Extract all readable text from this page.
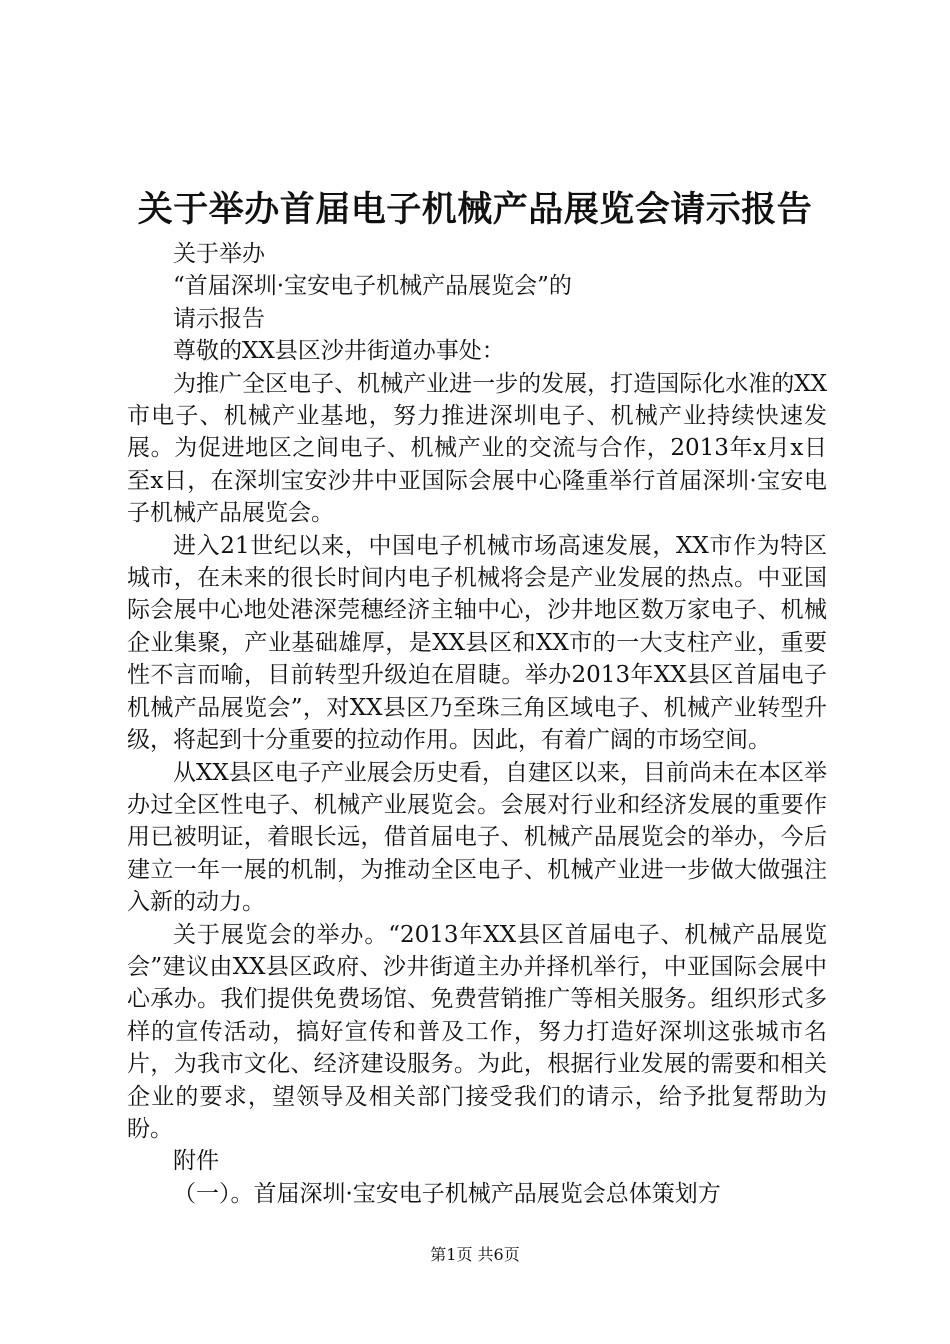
关于举办首届电子机械产品展览会请示报告

关于举办

“首届深圳·宝安电子机械产品展览会”的

请示报告

尊敬的XX县区沙井街道办事处：

为推广全区电子、机械产业进一步的发展，打造国际化水准的XX市电子、机械产业基地，努力推进深圳电子、机械产业持续快速发展。为促进地区之间电子、机械产业的交流与合作，2013年x月x日至x日，在深圳宝安沙井中亚国际会展中心隆重举行首届深圳·宝安电子机械产品展览会。

进入21世纪以来，中国电子机械市场高速发展，XX市作为特区城市，在未来的很长时间内电子机械将会是产业发展的热点。中亚国际会展中心地处港深莞穗经济主轴中心，沙井地区数万家电子、机械企业集聚，产业基础雄厚，是XX县区和XX市的一大支柱产业，重要性不言而喻，目前转型升级迫在眉睫。举办2013年XX县区首届电子机械产品展览会”，对XX县区乃至珠三角区域电子、机械产业转型升级，将起到十分重要的拉动作用。因此，有着广阔的市场空间。

从XX县区电子产业展会历史看，自建区以来，目前尚未在本区举办过全区性电子、机械产业展览会。会展对行业和经济发展的重要作用已被明证，着眼长远，借首届电子、机械产品展览会的举办，今后建立一年一展的机制，为推动全区电子、机械产业进一步做大做强注入新的动力。

关于展览会的举办。“2013年XX县区首届电子、机械产品展览会”建议由XX县区政府、沙井街道主办并择机举行，中亚国际会展中心承办。我们提供免费场馆、免费营销推广等相关服务。组织形式多样的宣传活动，搞好宣传和普及工作，努力打造好深圳这张城市名片，为我市文化、经济建设服务。为此，根据行业发展的需要和相关企业的要求，望领导及相关部门接受我们的请示，给予批复帮助为盼。

附件

（一）。首届深圳·宝安电子机械产品展览会总体策划方

第1页 共6页
